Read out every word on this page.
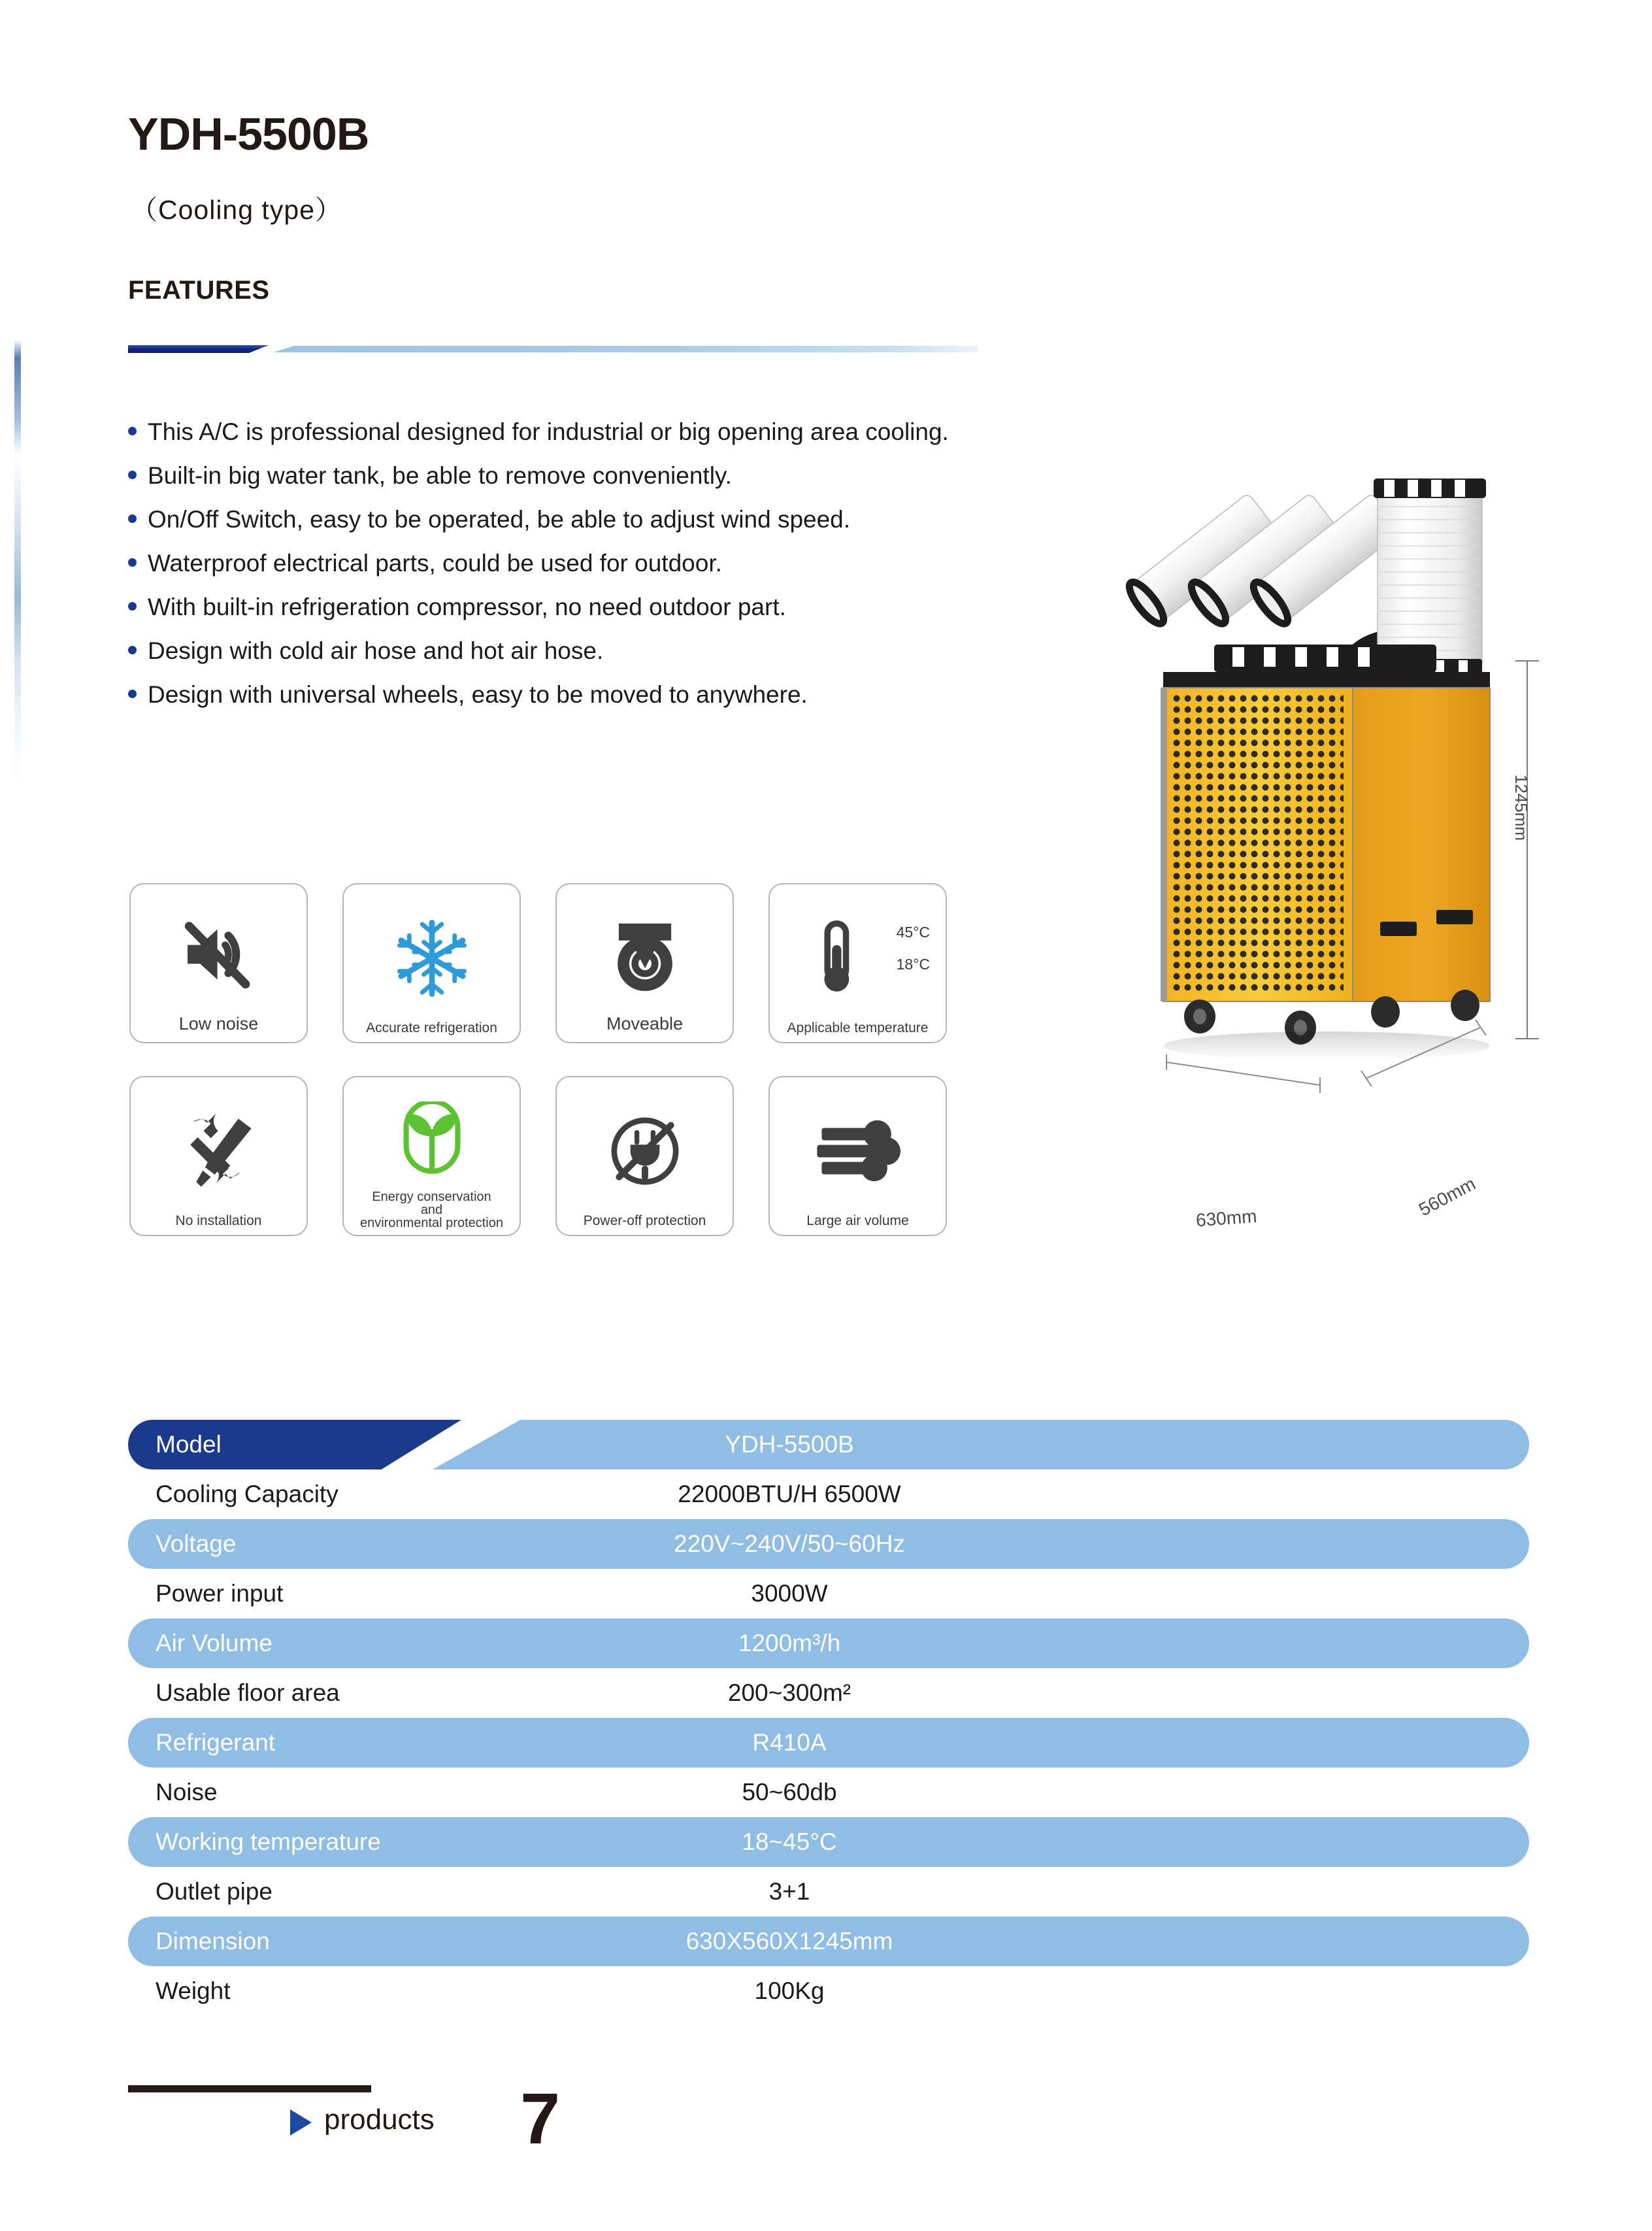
YDH-5500B
（Cooling type）
FEATURES
This A/C is professional designed for industrial or big opening area cooling.
Built-in big water tank, be able to remove conveniently.
On/Off Switch, easy to be operated, be able to adjust wind speed.
Waterproof electrical parts, could be used for outdoor.
With built-in refrigeration compressor, no need outdoor part.
Design with cold air hose and hot air hose.
Design with universal wheels, easy to be moved to anywhere.
1245mm
630mm	560mm
Low noise	Accurate refrigeration	Moveable
45°C
18°C
Applicable temperature
No installation
Energy conservation
and
environmental protection	Power-off protection	Large air volume
Model	YDH-5500B
Cooling Capacity	22000BTU/H 6500W
Voltage	220V~240V/50~60Hz
Power input	3000W
Air Volume	1200m³/h
Usable floor area	200~300m²
Refrigerant	R410A
Noise	50~60db
Working temperature	18~45°C
Outlet pipe	3+1
Dimension	630X560X1245mm
Weight	100Kg
products 7
